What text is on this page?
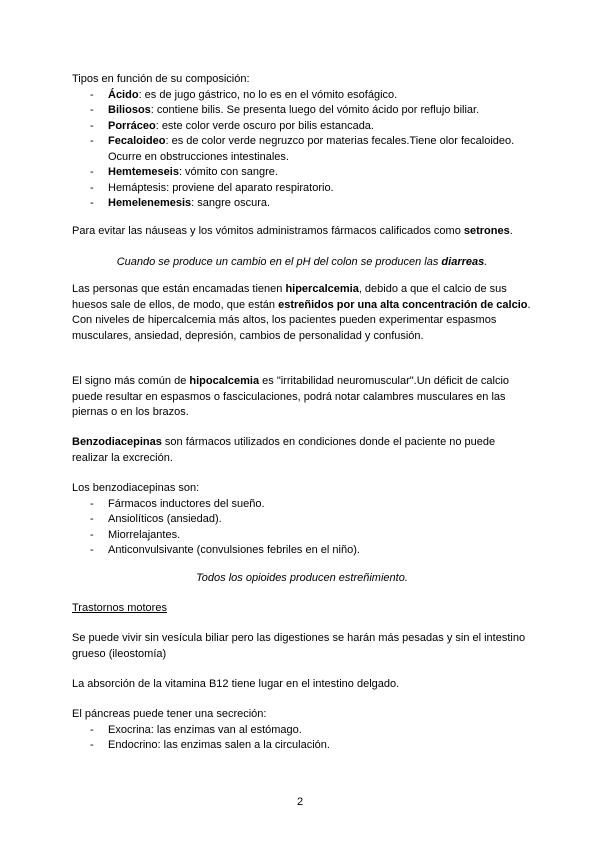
Tipos en función de su composición:

- Ácido: es de jugo gástrico, no lo es en el vómito esofágico.
- Biliosos: contiene bilis. Se presenta luego del vómito ácido por reflujo biliar.
- Porráceo: este color verde oscuro por bilis estancada.
- Fecaloideo: es de color verde negruzco por materias fecales.Tiene olor fecaloideo. Ocurre en obstrucciones intestinales.
- Hemtemeseis: vómito con sangre.
- Hemáptesis: proviene del aparato respiratorio.
- Hemelenemesis: sangre oscura.

Para evitar las náuseas y los vómitos administramos fármacos calificados como setrones.

Cuando se produce un cambio en el pH del colon se producen las diarreas.

Las personas que están encamadas tienen hipercalcemia, debido a que el calcio de sus huesos sale de ellos, de modo, que están estreñidos por una alta concentración de calcio.
Con niveles de hipercalcemia más altos, los pacientes pueden experimentar espasmos musculares, ansiedad, depresión, cambios de personalidad y confusión.

El signo más común de hipocalcemia es "irritabilidad neuromuscular".Un déficit de calcio puede resultar en espasmos o fasciculaciones, podrá notar calambres musculares en las piernas o en los brazos.

Benzodiacepinas son fármacos utilizados en condiciones donde el paciente no puede realizar la excreción.

Los benzodiacepinas son:

- Fármacos inductores del sueño.
- Ansiolíticos (ansiedad).
- Miorrelajantes.
- Anticonvulsivante (convulsiones febriles en el niño).

Todos los opioides producen estreñimiento.

Trastornos motores

Se puede vivir sin vesícula biliar pero las digestiones se harán más pesadas y sin el intestino grueso (ileostomía)

La absorción de la vitamina B12 tiene lugar en el intestino delgado.

El páncreas puede tener una secreción:

- Exocrina: las enzimas van al estómago.
- Endocrino: las enzimas salen a la circulación.
2
